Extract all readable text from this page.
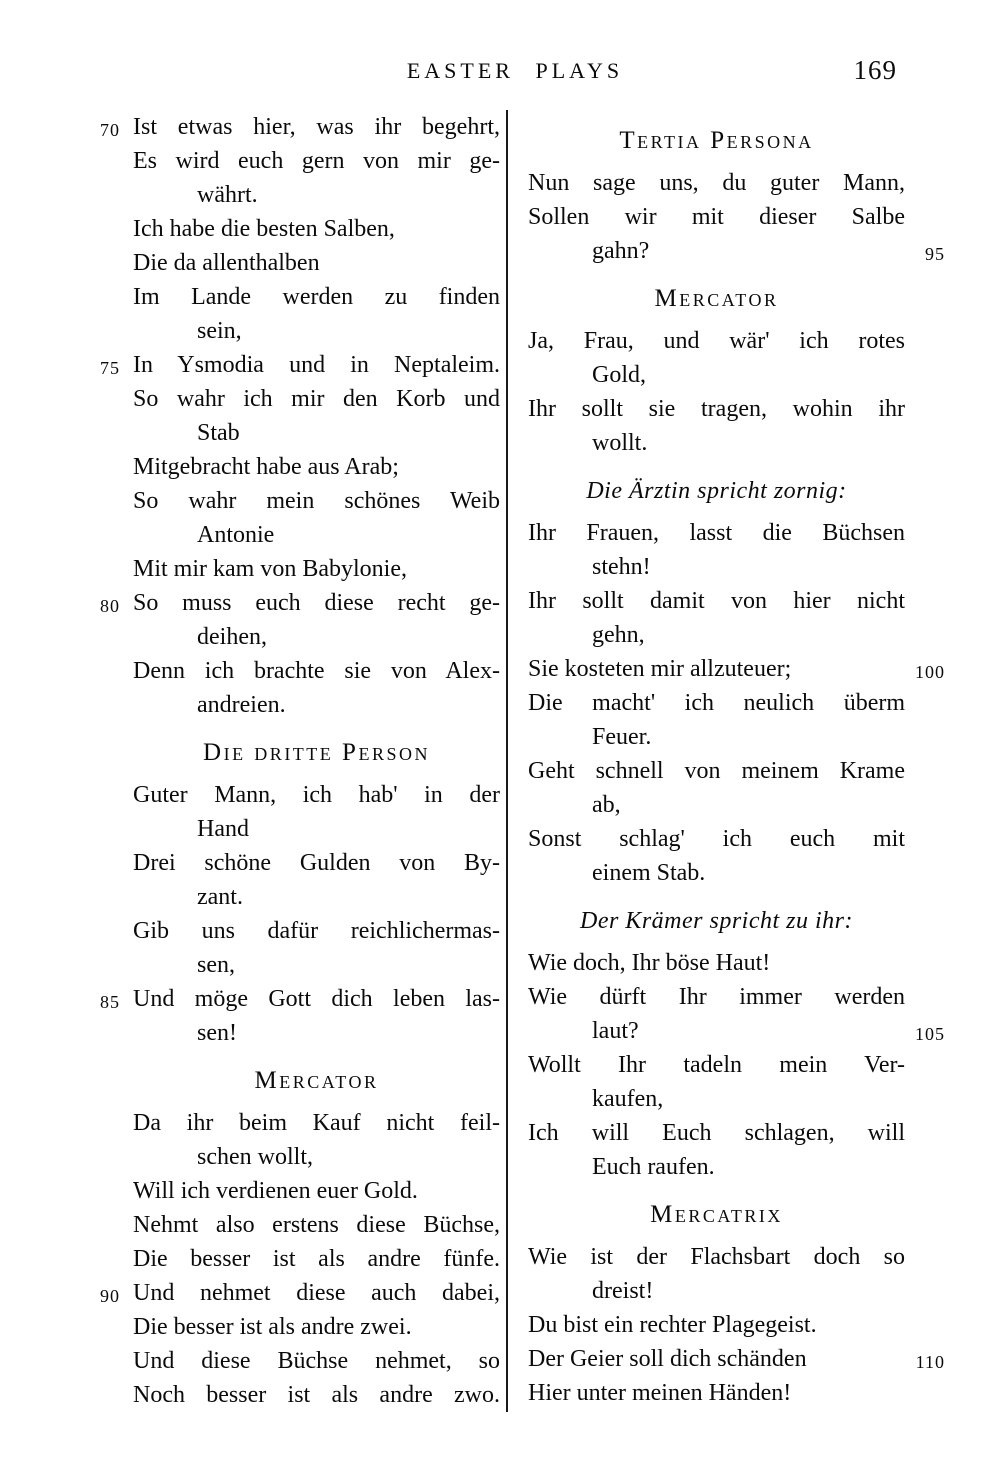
EASTER PLAYS	169
Ist etwas hier, was ihr begehrt,
70
Es wird euch gern von mir ge-
währt.
Ich habe die besten Salben,
Die da allenthalben
Im Lande werden zu finden
sein,
In Ysmodia und in Neptaleim.
75
So wahr ich mir den Korb und
Stab
Mitgebracht habe aus Arab;
So wahr mein schönes Weib
Antonie
Mit mir kam von Babylonie,
So muss euch diese recht ge-
80
deihen,
Denn ich brachte sie von Alex-
andreien.
Die dritte Person
Guter Mann, ich hab' in der
Hand
Drei schöne Gulden von By-
zant.
Gib uns dafür reichlichermas-
sen,
Und möge Gott dich leben las-
85
sen!
Mercator
Da ihr beim Kauf nicht feil-
schen wollt,
Will ich verdienen euer Gold.
Nehmt also erstens diese Büchse,
Die besser ist als andre fünfe.
Und nehmet diese auch dabei,
90
Die besser ist als andre zwei.
Und diese Büchse nehmet, so
Noch besser ist als andre zwo.
Tertia Persona
Nun sage uns, du guter Mann,
Sollen wir mit dieser Salbe
gahn?	95
Mercator
Ja, Frau, und wär' ich rotes
Gold,
Ihr sollt sie tragen, wohin ihr
wollt.
Die Ärztin spricht zornig:
Ihr Frauen, lasst die Büchsen
stehn!
Ihr sollt damit von hier nicht
gehn,
Sie kosteten mir allzuteuer;	100
Die macht' ich neulich überm
Feuer.
Geht schnell von meinem Krame
ab,
Sonst schlag' ich euch mit
einem Stab.
Der Krämer spricht zu ihr:
Wie doch, Ihr böse Haut!
Wie dürft Ihr immer werden
laut?	105
Wollt Ihr tadeln mein Ver-
kaufen,
Ich will Euch schlagen, will
Euch raufen.
Mercatrix
Wie ist der Flachsbart doch so
dreist!
Du bist ein rechter Plagegeist.
Der Geier soll dich schänden	110
Hier unter meinen Händen!
